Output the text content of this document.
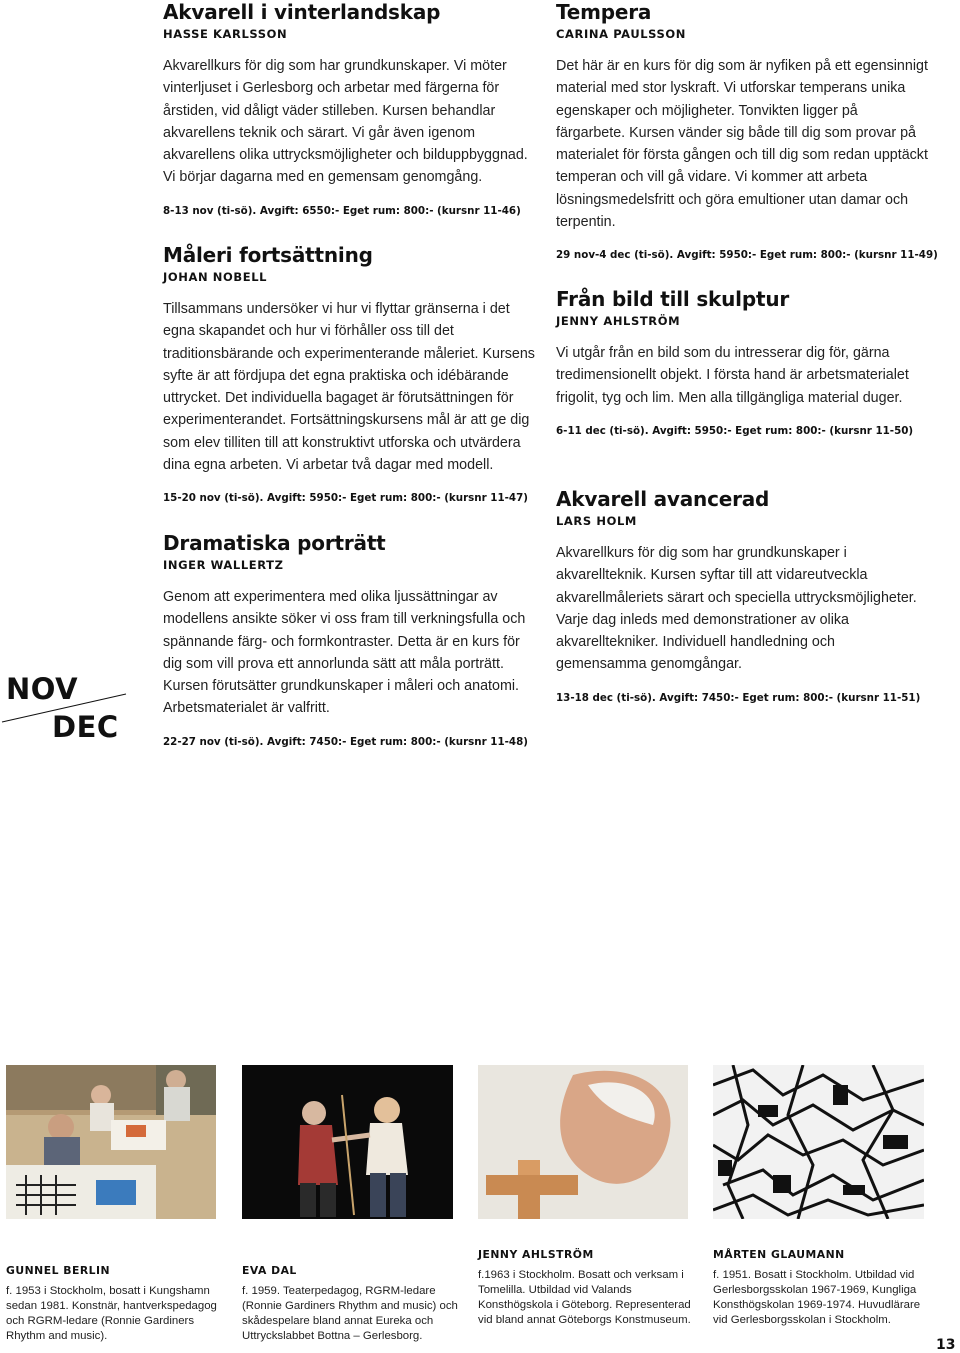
Akvarell i vinterlandskap
HASSE KARLSSON

Akvarellkurs för dig som har grundkunskaper. Vi möter vinterljuset i Gerlesborg och arbetar med färgerna för årstiden, vid dåligt väder stilleben. Kursen behandlar akvarellens teknik och särart. Vi går även igenom akvarellens olika uttrycksmöjligheter och bilduppbyggnad. Vi börjar dagarna med en gemensam genomgång.

8-13 nov (ti-sö). Avgift: 6550:- Eget rum: 800:- (kursnr 11-46)
Måleri fortsättning
JOHAN NOBELL

Tillsammans undersöker vi hur vi flyttar gränserna i det egna skapandet och hur vi förhåller oss till det traditionsbärande och experimenterande måleriet. Kursens syfte är att fördjupa det egna praktiska och idébärande uttrycket. Det individuella bagaget är förutsättningen för experimenterandet. Fortsättningskursens mål är att ge dig som elev tilliten till att konstruktivt utforska och utvärdera dina egna arbeten. Vi arbetar två dagar med modell.

15-20 nov (ti-sö). Avgift: 5950:- Eget rum: 800:- (kursnr 11-47)
Dramatiska porträtt
INGER WALLERTZ

Genom att experimentera med olika ljussättningar av modellens ansikte söker vi oss fram till verkningsfulla och spännande färg- och formkontraster. Detta är en kurs för dig som vill prova ett annorlunda sätt att måla porträtt. Kursen förutsätter grundkunskaper i måleri och anatomi. Arbetsmaterialet är valfritt.

22-27 nov (ti-sö). Avgift: 7450:- Eget rum: 800:- (kursnr 11-48)
Tempera
CARINA PAULSSON

Det här är en kurs för dig som är nyfiken på ett egensinnigt material med stor lyskraft. Vi utforskar temperans unika egenskaper och möjligheter. Tonvikten ligger på färgarbete. Kursen vänder sig både till dig som provar på materialet för första gången och till dig som redan upptäckt temperan och vill gå vidare. Vi kommer att arbeta lösningsmedelsfritt och göra emultioner utan damar och terpentin.

29 nov-4 dec (ti-sö). Avgift: 5950:- Eget rum: 800:- (kursnr 11-49)
Från bild till skulptur
JENNY AHLSTRÖM

Vi utgår från en bild som du intresserar dig för, gärna tredimensionellt objekt. I första hand är arbetsmaterialet frigolit, tyg och lim. Men alla tillgängliga material duger.

6-11 dec (ti-sö). Avgift: 5950:- Eget rum: 800:- (kursnr 11-50)
Akvarell avancerad
LARS HOLM

Akvarellkurs för dig som har grundkunskaper i akvarellteknik. Kursen syftar till att vidareutveckla akvarellmåleriets särart och speciella uttrycksmöjligheter. Varje dag inleds med demonstrationer av olika akvarelltekniker. Individuell handledning och gemensamma genomgångar.

13-18 dec (ti-sö). Avgift: 7450:- Eget rum: 800:- (kursnr 11-51)
NOV
DEC
GUNNEL BERLIN
f. 1953 i Stockholm, bosatt i Kungshamn sedan 1981. Konstnär, hantverkspedagog och RGRM-ledare (Ronnie Gardiners Rhythm and music).
EVA DAL
f. 1959. Teaterpedagog, RGRM-ledare (Ronnie Gardiners Rhythm and music) och skådespelare bland annat Eureka och Uttryckslabbet Bottna – Gerlesborg.
JENNY AHLSTRÖM
f.1963 i Stockholm. Bosatt och verksam i Tomelilla. Utbildad vid Valands Konsthögskola i Göteborg. Representerad vid bland annat Göteborgs Konstmuseum.
MÅRTEN GLAUMANN
f. 1951. Bosatt i Stockholm. Utbildad vid Gerlesborgsskolan 1967-1969, Kungliga Konsthögskolan 1969-1974. Huvudlärare vid Gerlesborgsskolan i Stockholm.
13
